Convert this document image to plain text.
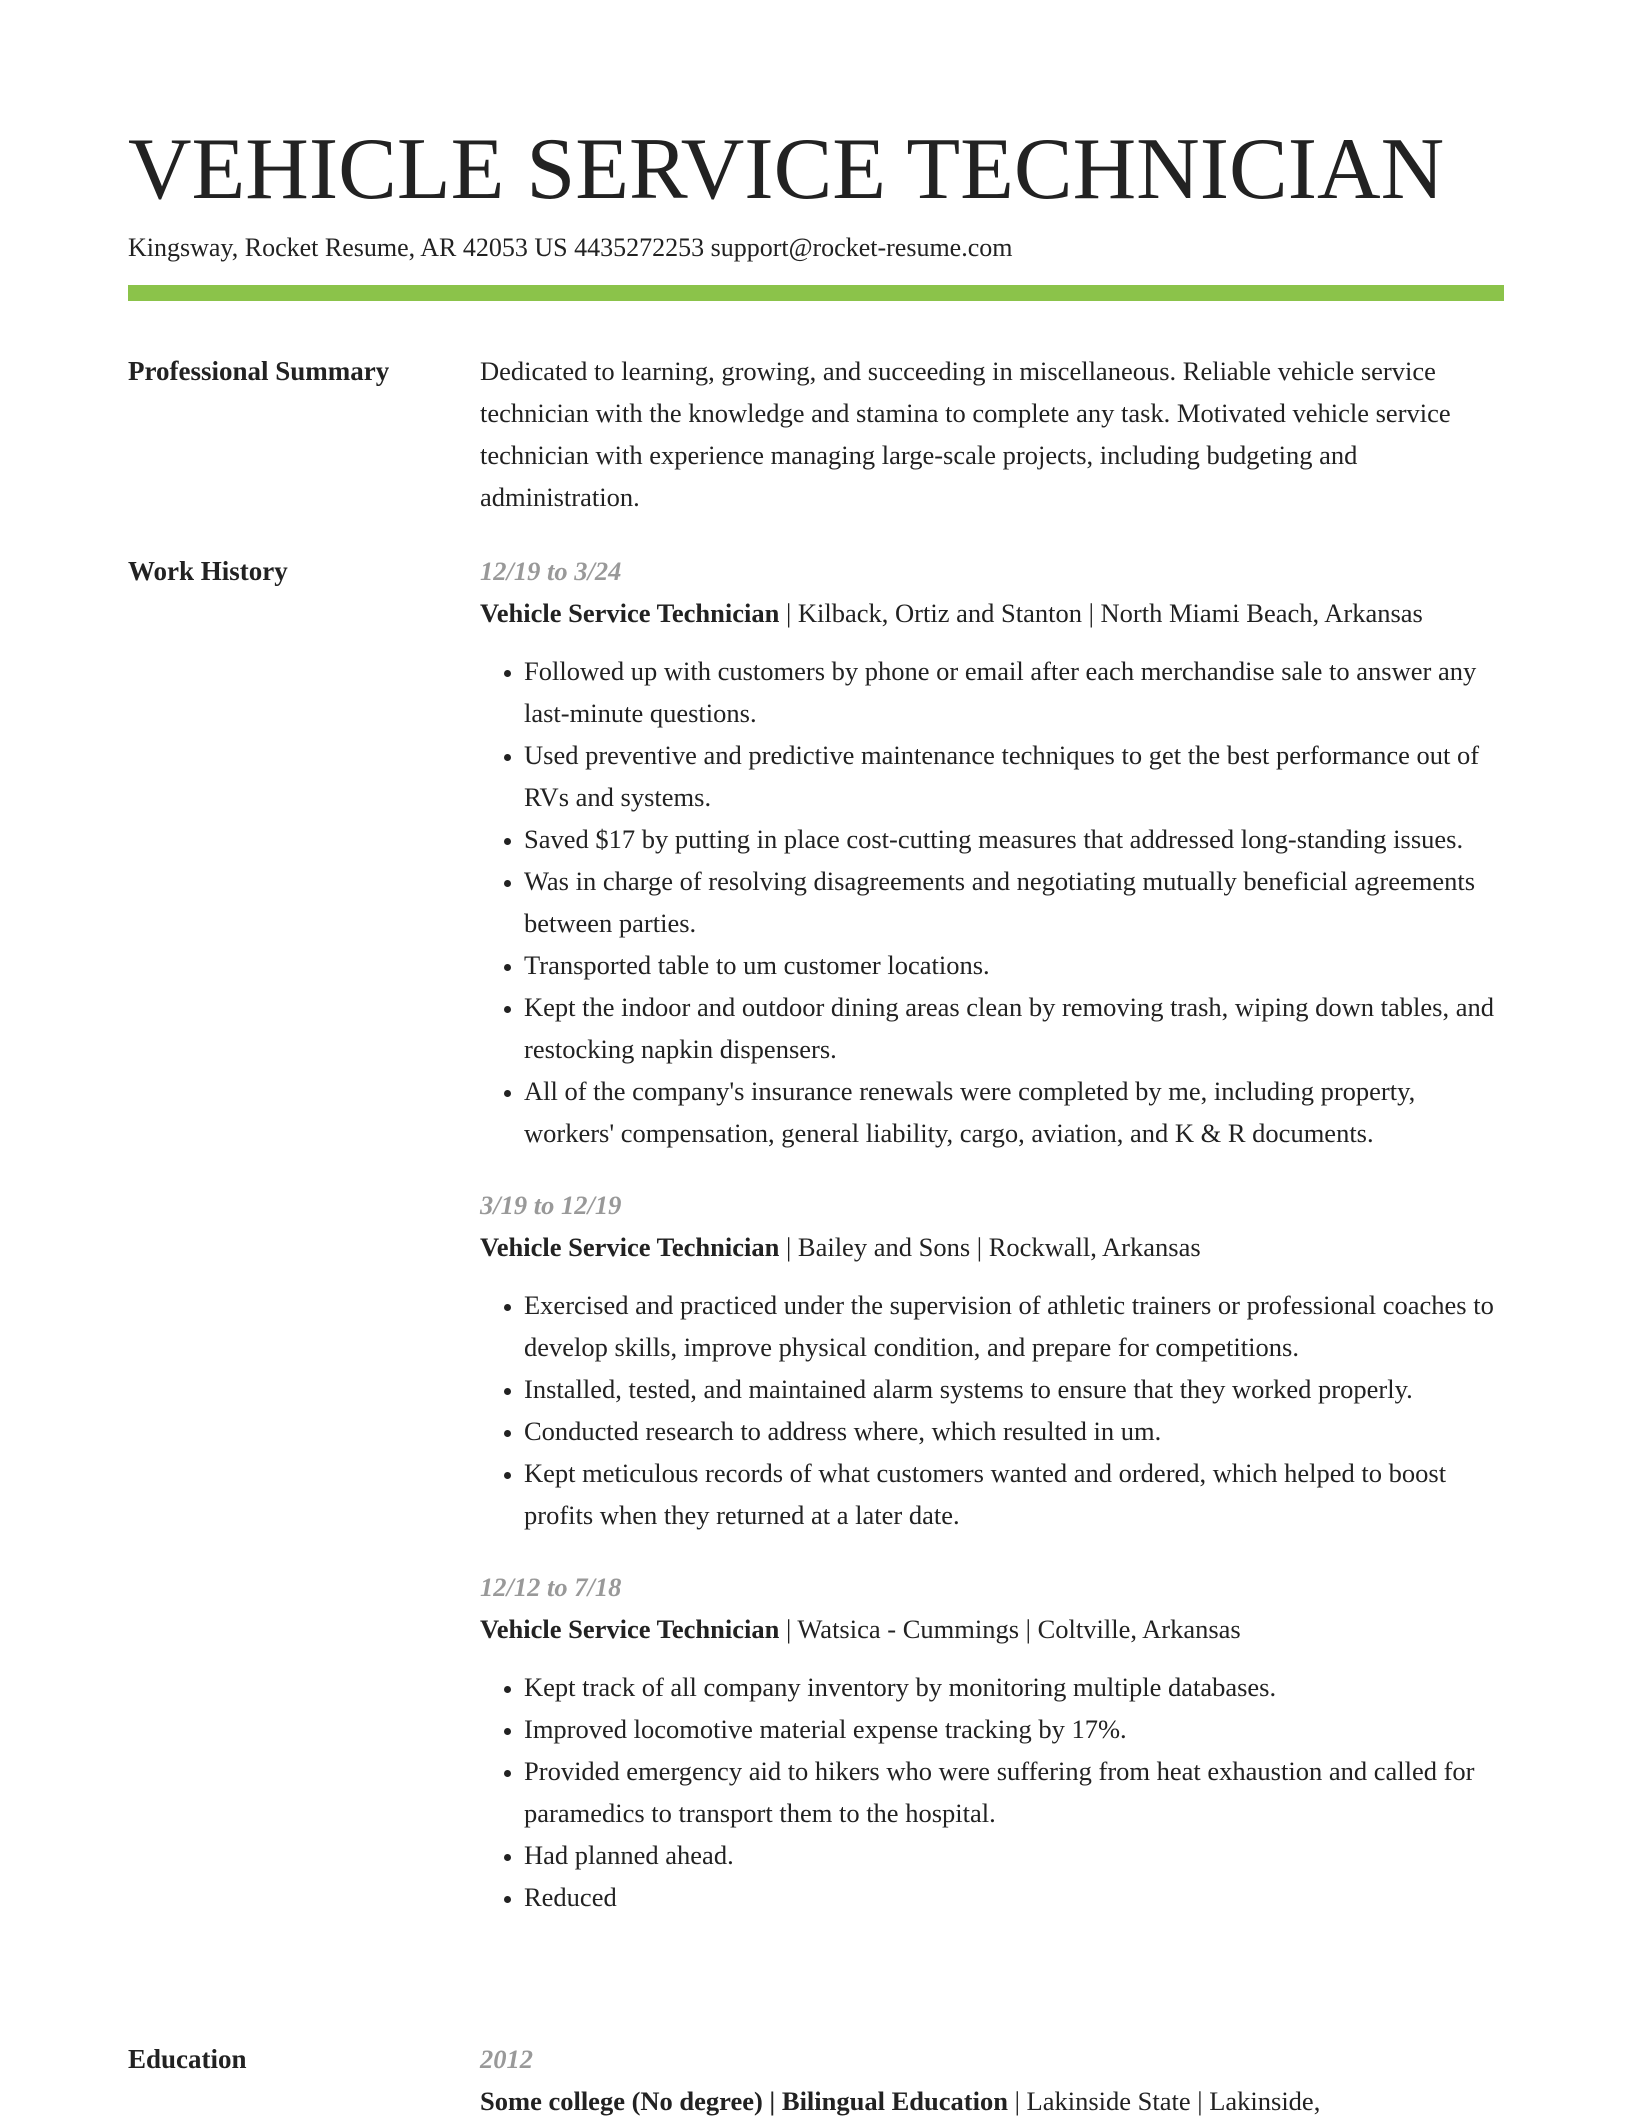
VEHICLE SERVICE TECHNICIAN
Kingsway, Rocket Resume, AR 42053 US 4435272253 support@rocket-resume.com
Professional Summary	Dedicated to learning, growing, and succeeding in miscellaneous. Reliable vehicle service technician with the knowledge and stamina to complete any task. Motivated vehicle service technician with experience managing large-scale projects, including budgeting and administration.

Work History	12/19 to 3/24
Vehicle Service Technician | Kilback, Ortiz and Stanton | North Miami Beach, Arkansas
• Followed up with customers by phone or email after each merchandise sale to answer any last-minute questions.
• Used preventive and predictive maintenance techniques to get the best performance out of RVs and systems.
• Saved $17 by putting in place cost-cutting measures that addressed long-standing issues.
• Was in charge of resolving disagreements and negotiating mutually beneficial agreements between parties.
• Transported table to um customer locations.
• Kept the indoor and outdoor dining areas clean by removing trash, wiping down tables, and restocking napkin dispensers.
• All of the company's insurance renewals were completed by me, including property, workers' compensation, general liability, cargo, aviation, and K & R documents.
3/19 to 12/19
Vehicle Service Technician | Bailey and Sons | Rockwall, Arkansas
• Exercised and practiced under the supervision of athletic trainers or professional coaches to develop skills, improve physical condition, and prepare for competitions.
• Installed, tested, and maintained alarm systems to ensure that they worked properly.
• Conducted research to address where, which resulted in um.
• Kept meticulous records of what customers wanted and ordered, which helped to boost profits when they returned at a later date.
12/12 to 7/18
Vehicle Service Technician | Watsica - Cummings | Coltville, Arkansas
• Kept track of all company inventory by monitoring multiple databases.
• Improved locomotive material expense tracking by 17%.
• Provided emergency aid to hikers who were suffering from heat exhaustion and called for paramedics to transport them to the hospital.
• Had planned ahead.
• Reduced
Education	2012
Some college (No degree) | Bilingual Education | Lakinside State | Lakinside,
